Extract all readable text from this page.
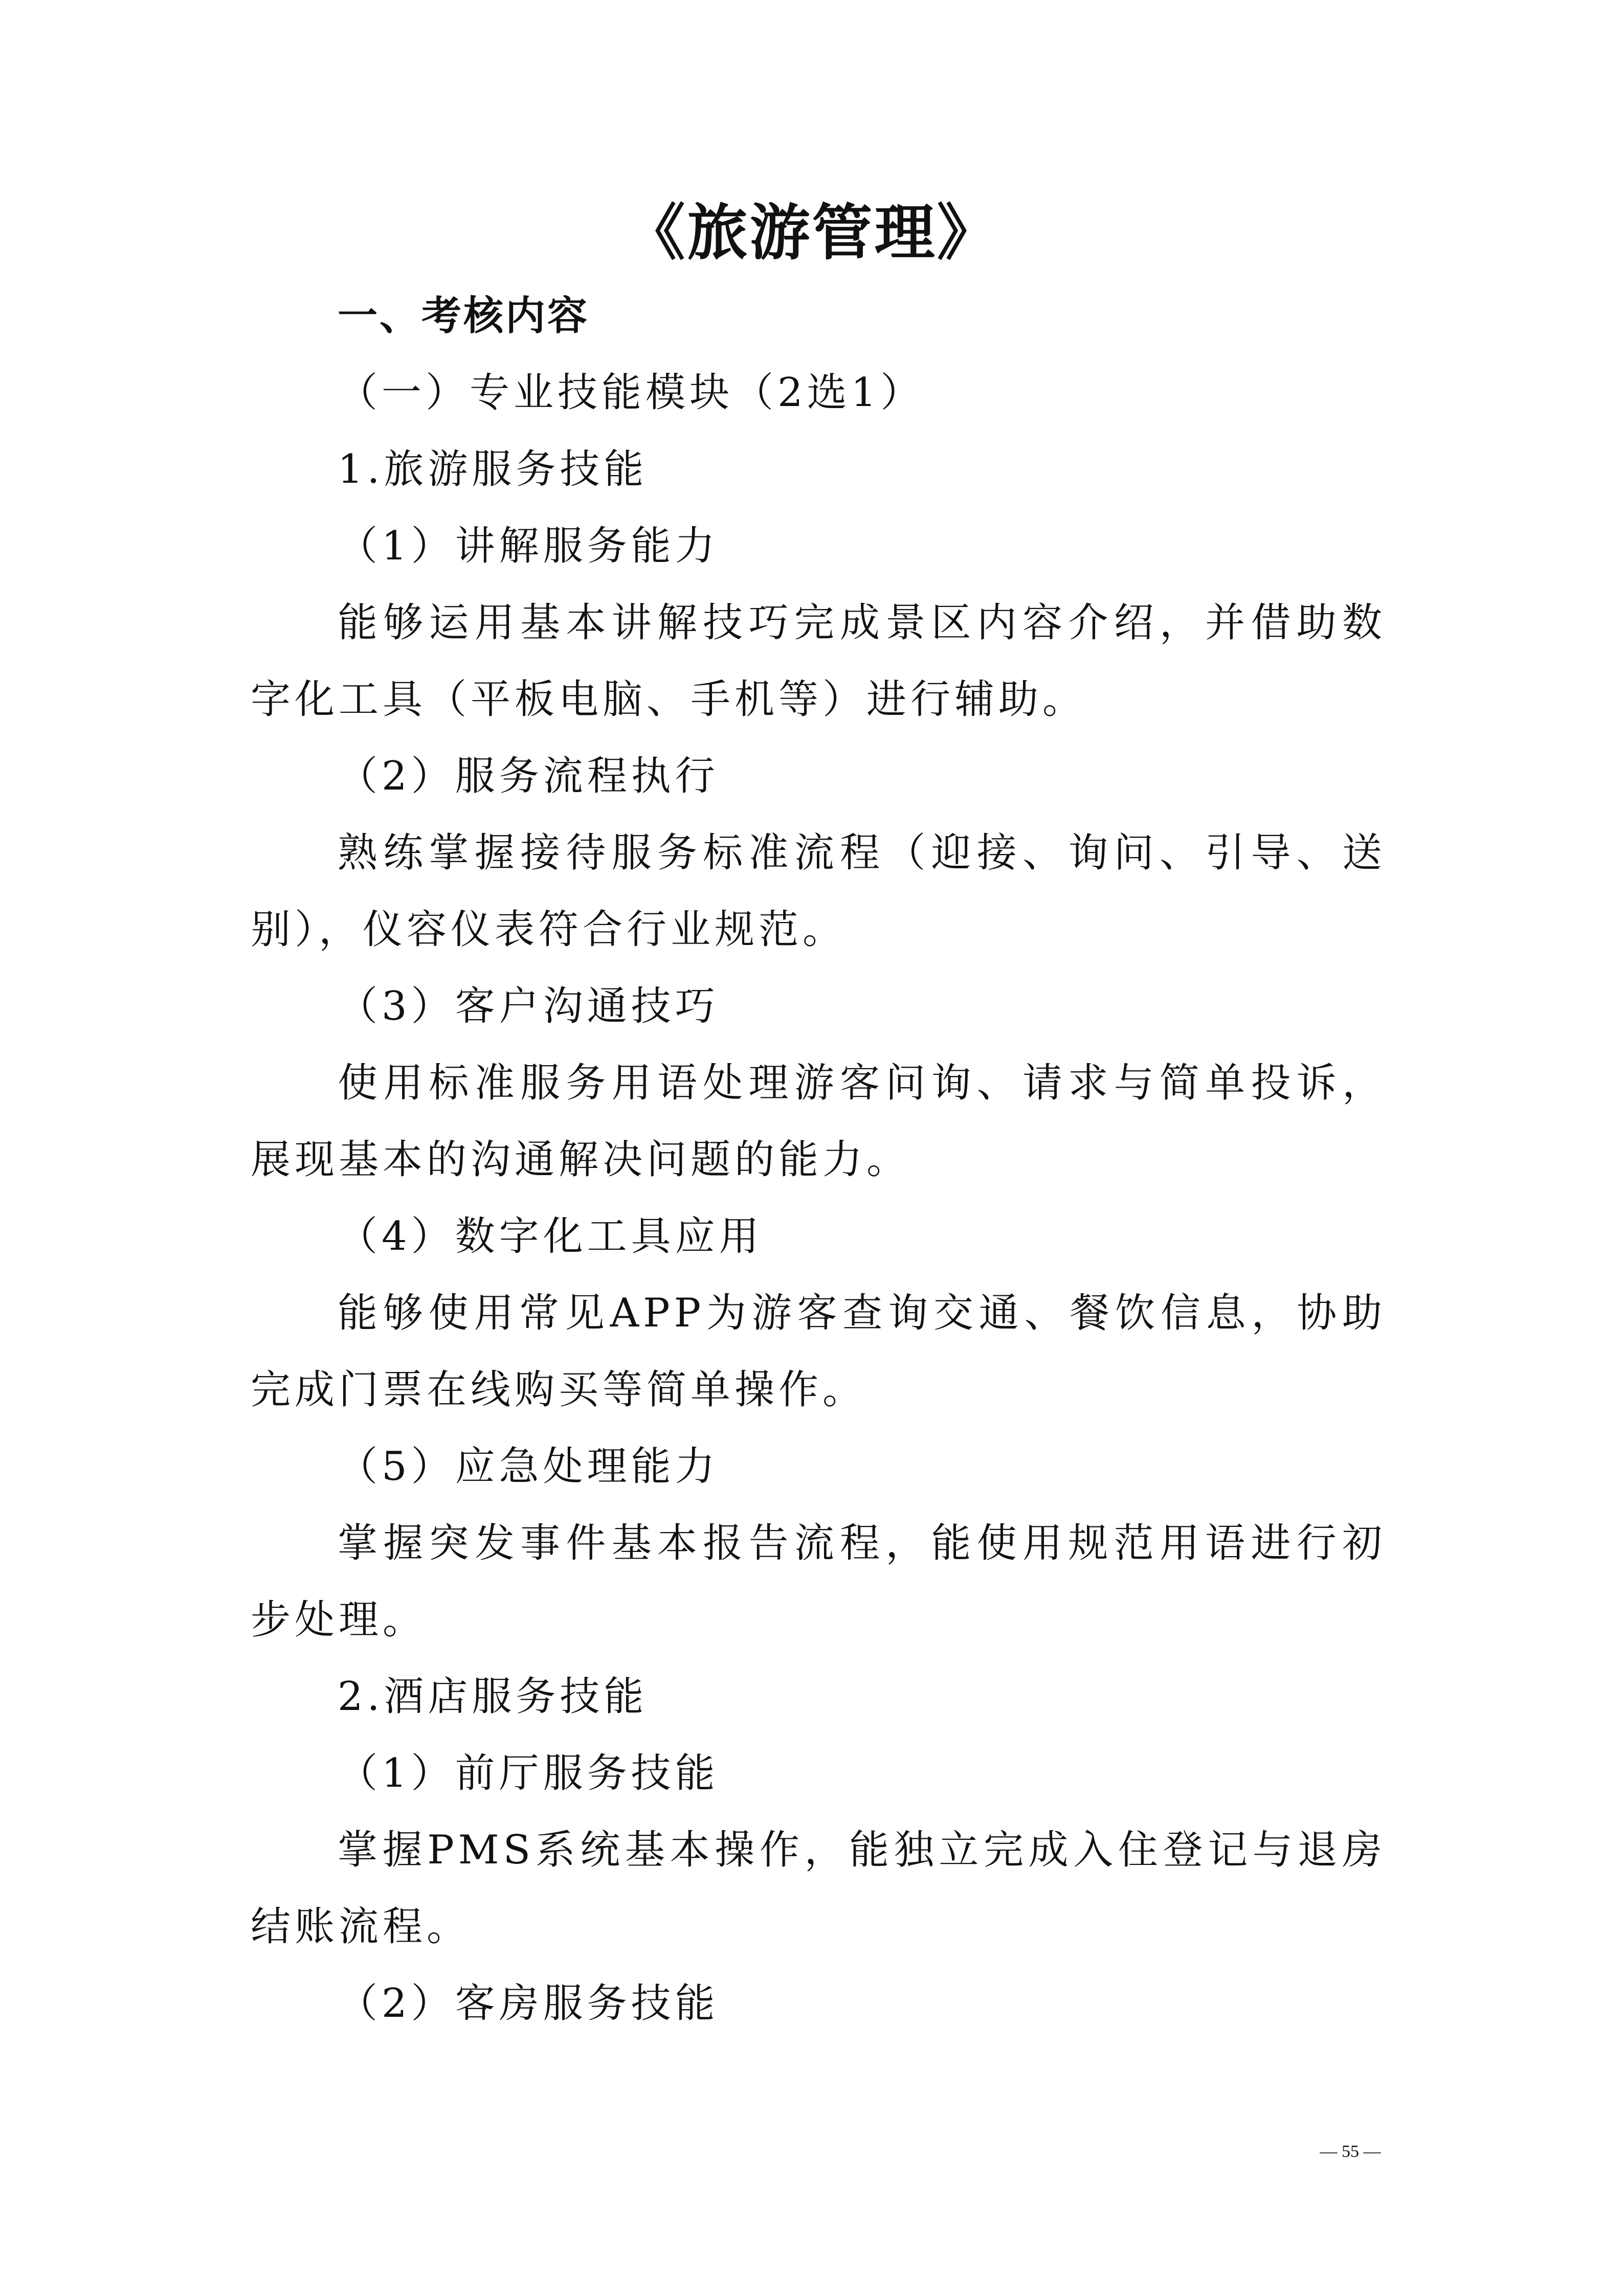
《旅游管理》
一、考核内容
（一）专业技能模块（2选1）
1.旅游服务技能
（1）讲解服务能力
能够运用基本讲解技巧完成景区内容介绍，并借助数
字化工具（平板电脑、手机等）进行辅助。
（2）服务流程执行
熟练掌握接待服务标准流程（迎接、询问、引导、送
别），仪容仪表符合行业规范。
（3）客户沟通技巧
使用标准服务用语处理游客问询、请求与简单投诉，
展现基本的沟通解决问题的能力。
（4）数字化工具应用
能够使用常见APP为游客查询交通、餐饮信息，协助
完成门票在线购买等简单操作。
（5）应急处理能力
掌握突发事件基本报告流程，能使用规范用语进行初
步处理。
2.酒店服务技能
（1）前厅服务技能
掌握PMS系统基本操作，能独立完成入住登记与退房
结账流程。
（2）客房服务技能
— 55 —
